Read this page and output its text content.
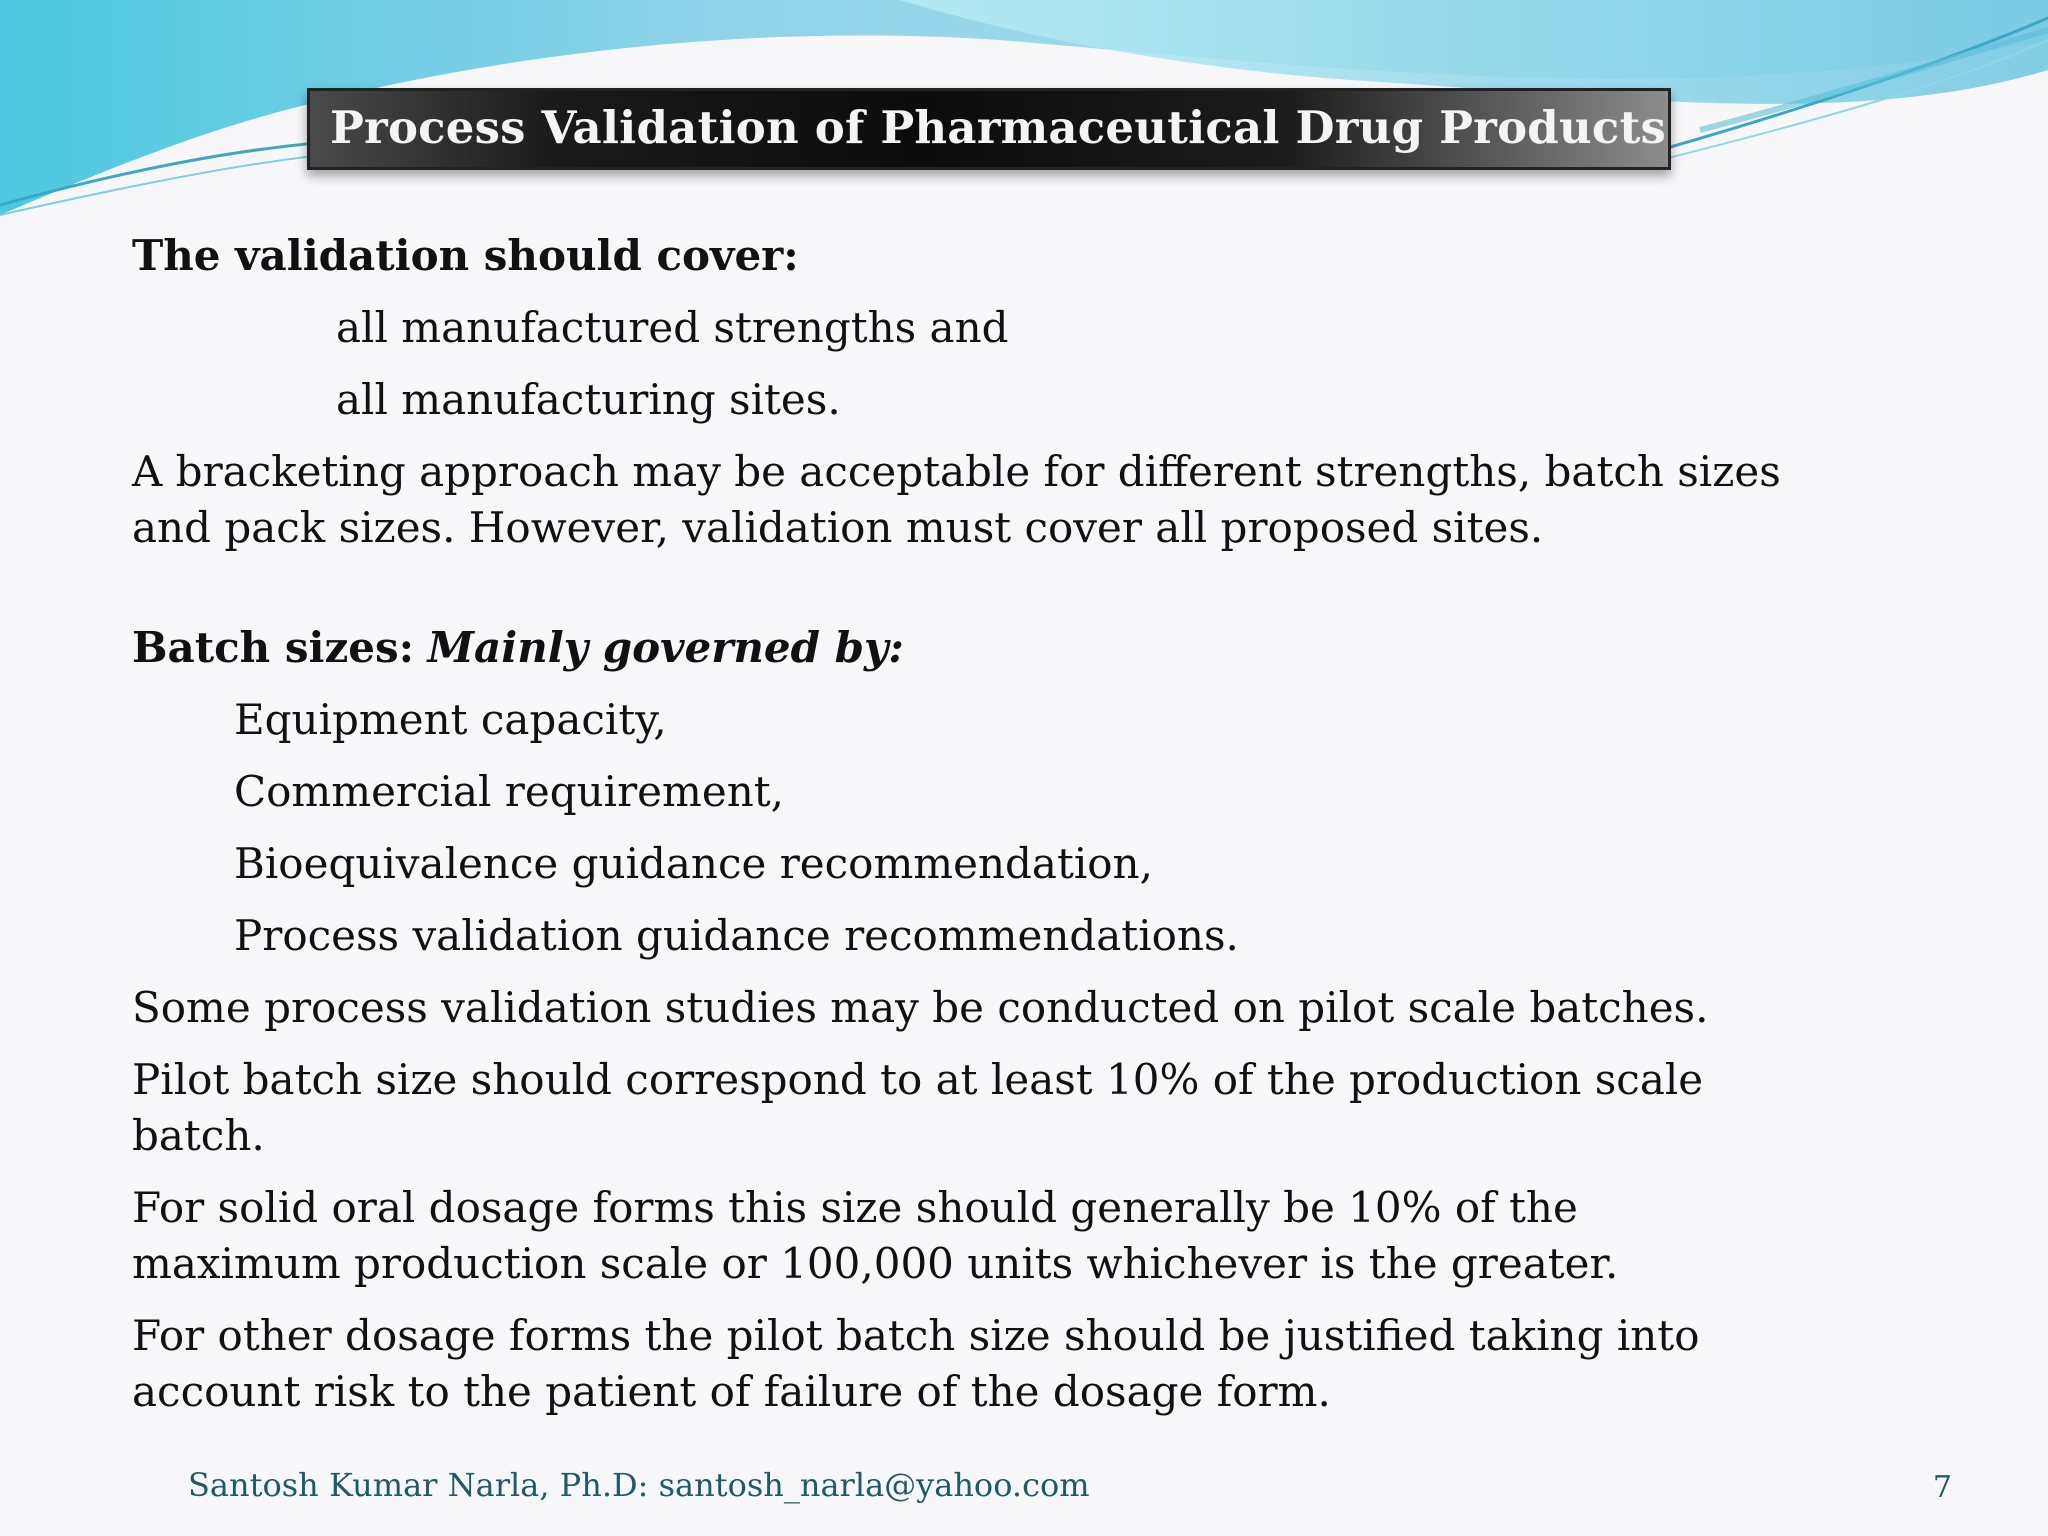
Process Validation of Pharmaceutical Drug Products

The validation should cover:

all manufactured strengths and

all manufacturing sites.

A bracketing approach may be acceptable for different strengths, batch sizes and pack sizes. However, validation must cover all proposed sites.

Batch sizes: Mainly governed by:

Equipment capacity,

Commercial requirement,

Bioequivalence guidance recommendation,

Process validation guidance recommendations.

Some process validation studies may be conducted on pilot scale batches.

Pilot batch size should correspond to at least 10% of the production scale batch.

For solid oral dosage forms this size should generally be 10% of the maximum production scale or 100,000 units whichever is the greater.

For other dosage forms the pilot batch size should be justified taking into account risk to the patient of failure of the dosage form.

Santosh Kumar Narla, Ph.D: santosh_narla@yahoo.com	7
